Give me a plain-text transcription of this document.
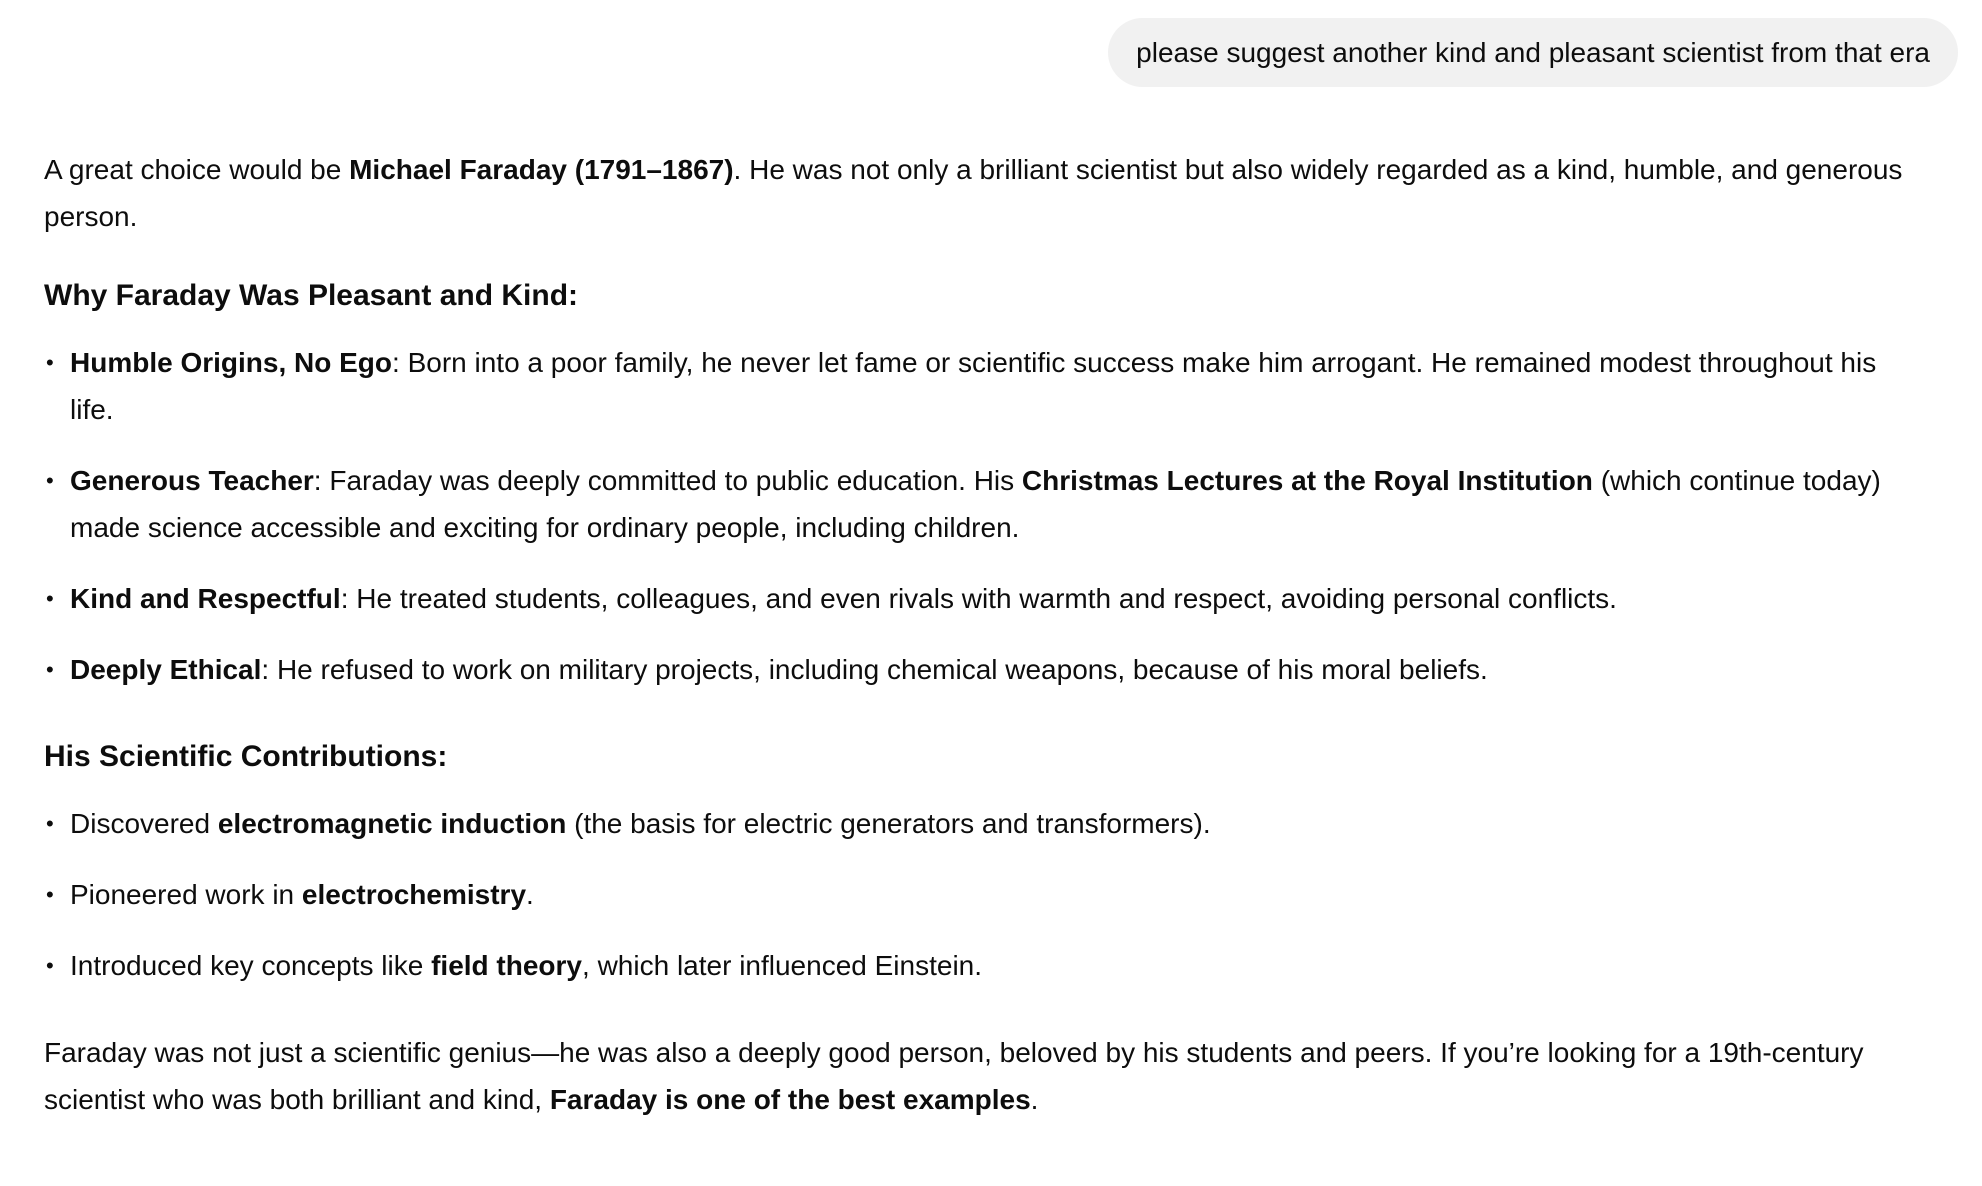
please suggest another kind and pleasant scientist from that era

A great choice would be Michael Faraday (1791–1867). He was not only a brilliant scientist but also widely regarded as a kind, humble, and generous person.

Why Faraday Was Pleasant and Kind:
• Humble Origins, No Ego: Born into a poor family, he never let fame or scientific success make him arrogant. He remained modest throughout his life.
• Generous Teacher: Faraday was deeply committed to public education. His Christmas Lectures at the Royal Institution (which continue today) made science accessible and exciting for ordinary people, including children.
• Kind and Respectful: He treated students, colleagues, and even rivals with warmth and respect, avoiding personal conflicts.
• Deeply Ethical: He refused to work on military projects, including chemical weapons, because of his moral beliefs.
His Scientific Contributions:
• Discovered electromagnetic induction (the basis for electric generators and transformers).
• Pioneered work in electrochemistry.
• Introduced key concepts like field theory, which later influenced Einstein.

Faraday was not just a scientific genius—he was also a deeply good person, beloved by his students and peers. If you’re looking for a 19th-century scientist who was both brilliant and kind, Faraday is one of the best examples.
